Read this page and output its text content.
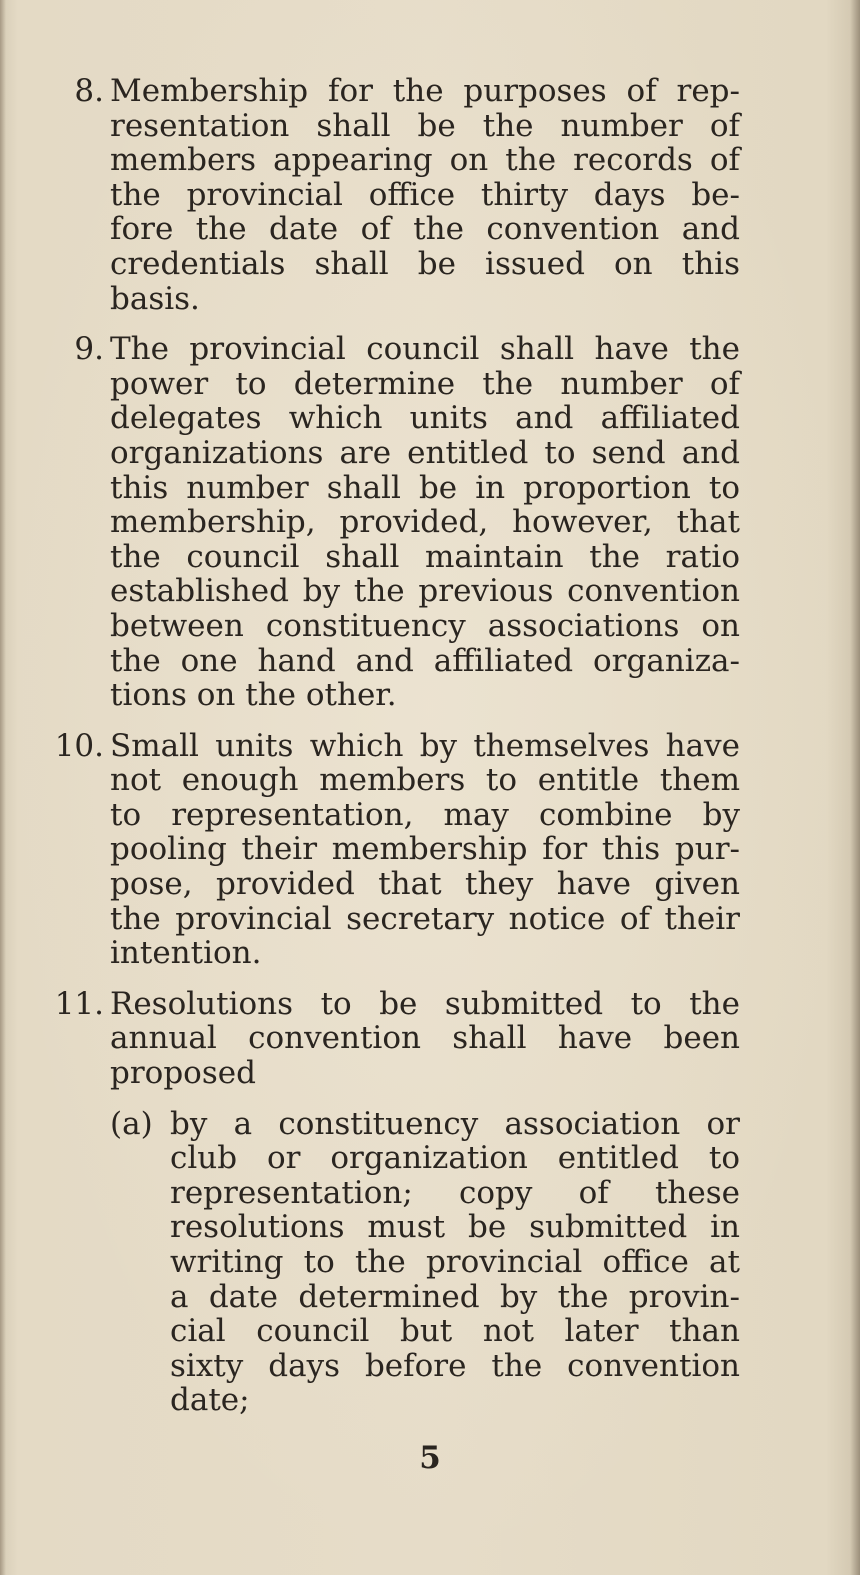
8. Membership for the purposes of rep-
resentation shall be the number of
members appearing on the records of
the provincial office thirty days be-
fore the date of the convention and
credentials shall be issued on this
basis.
9. The provincial council shall have the
power to determine the number of
delegates which units and affiliated
organizations are entitled to send and
this number shall be in proportion to
membership, provided, however, that
the council shall maintain the ratio
established by the previous convention
between constituency associations on
the one hand and affiliated organiza-
tions on the other.
10. Small units which by themselves have
not enough members to entitle them
to representation, may combine by
pooling their membership for this pur-
pose, provided that they have given
the provincial secretary notice of their
intention.
11. Resolutions to be submitted to the
annual convention shall have been
proposed
(a) by a constituency association or
club or organization entitled to
representation; copy of these
resolutions must be submitted in
writing to the provincial office at
a date determined by the provin-
cial council but not later than
sixty days before the convention
date;
5
